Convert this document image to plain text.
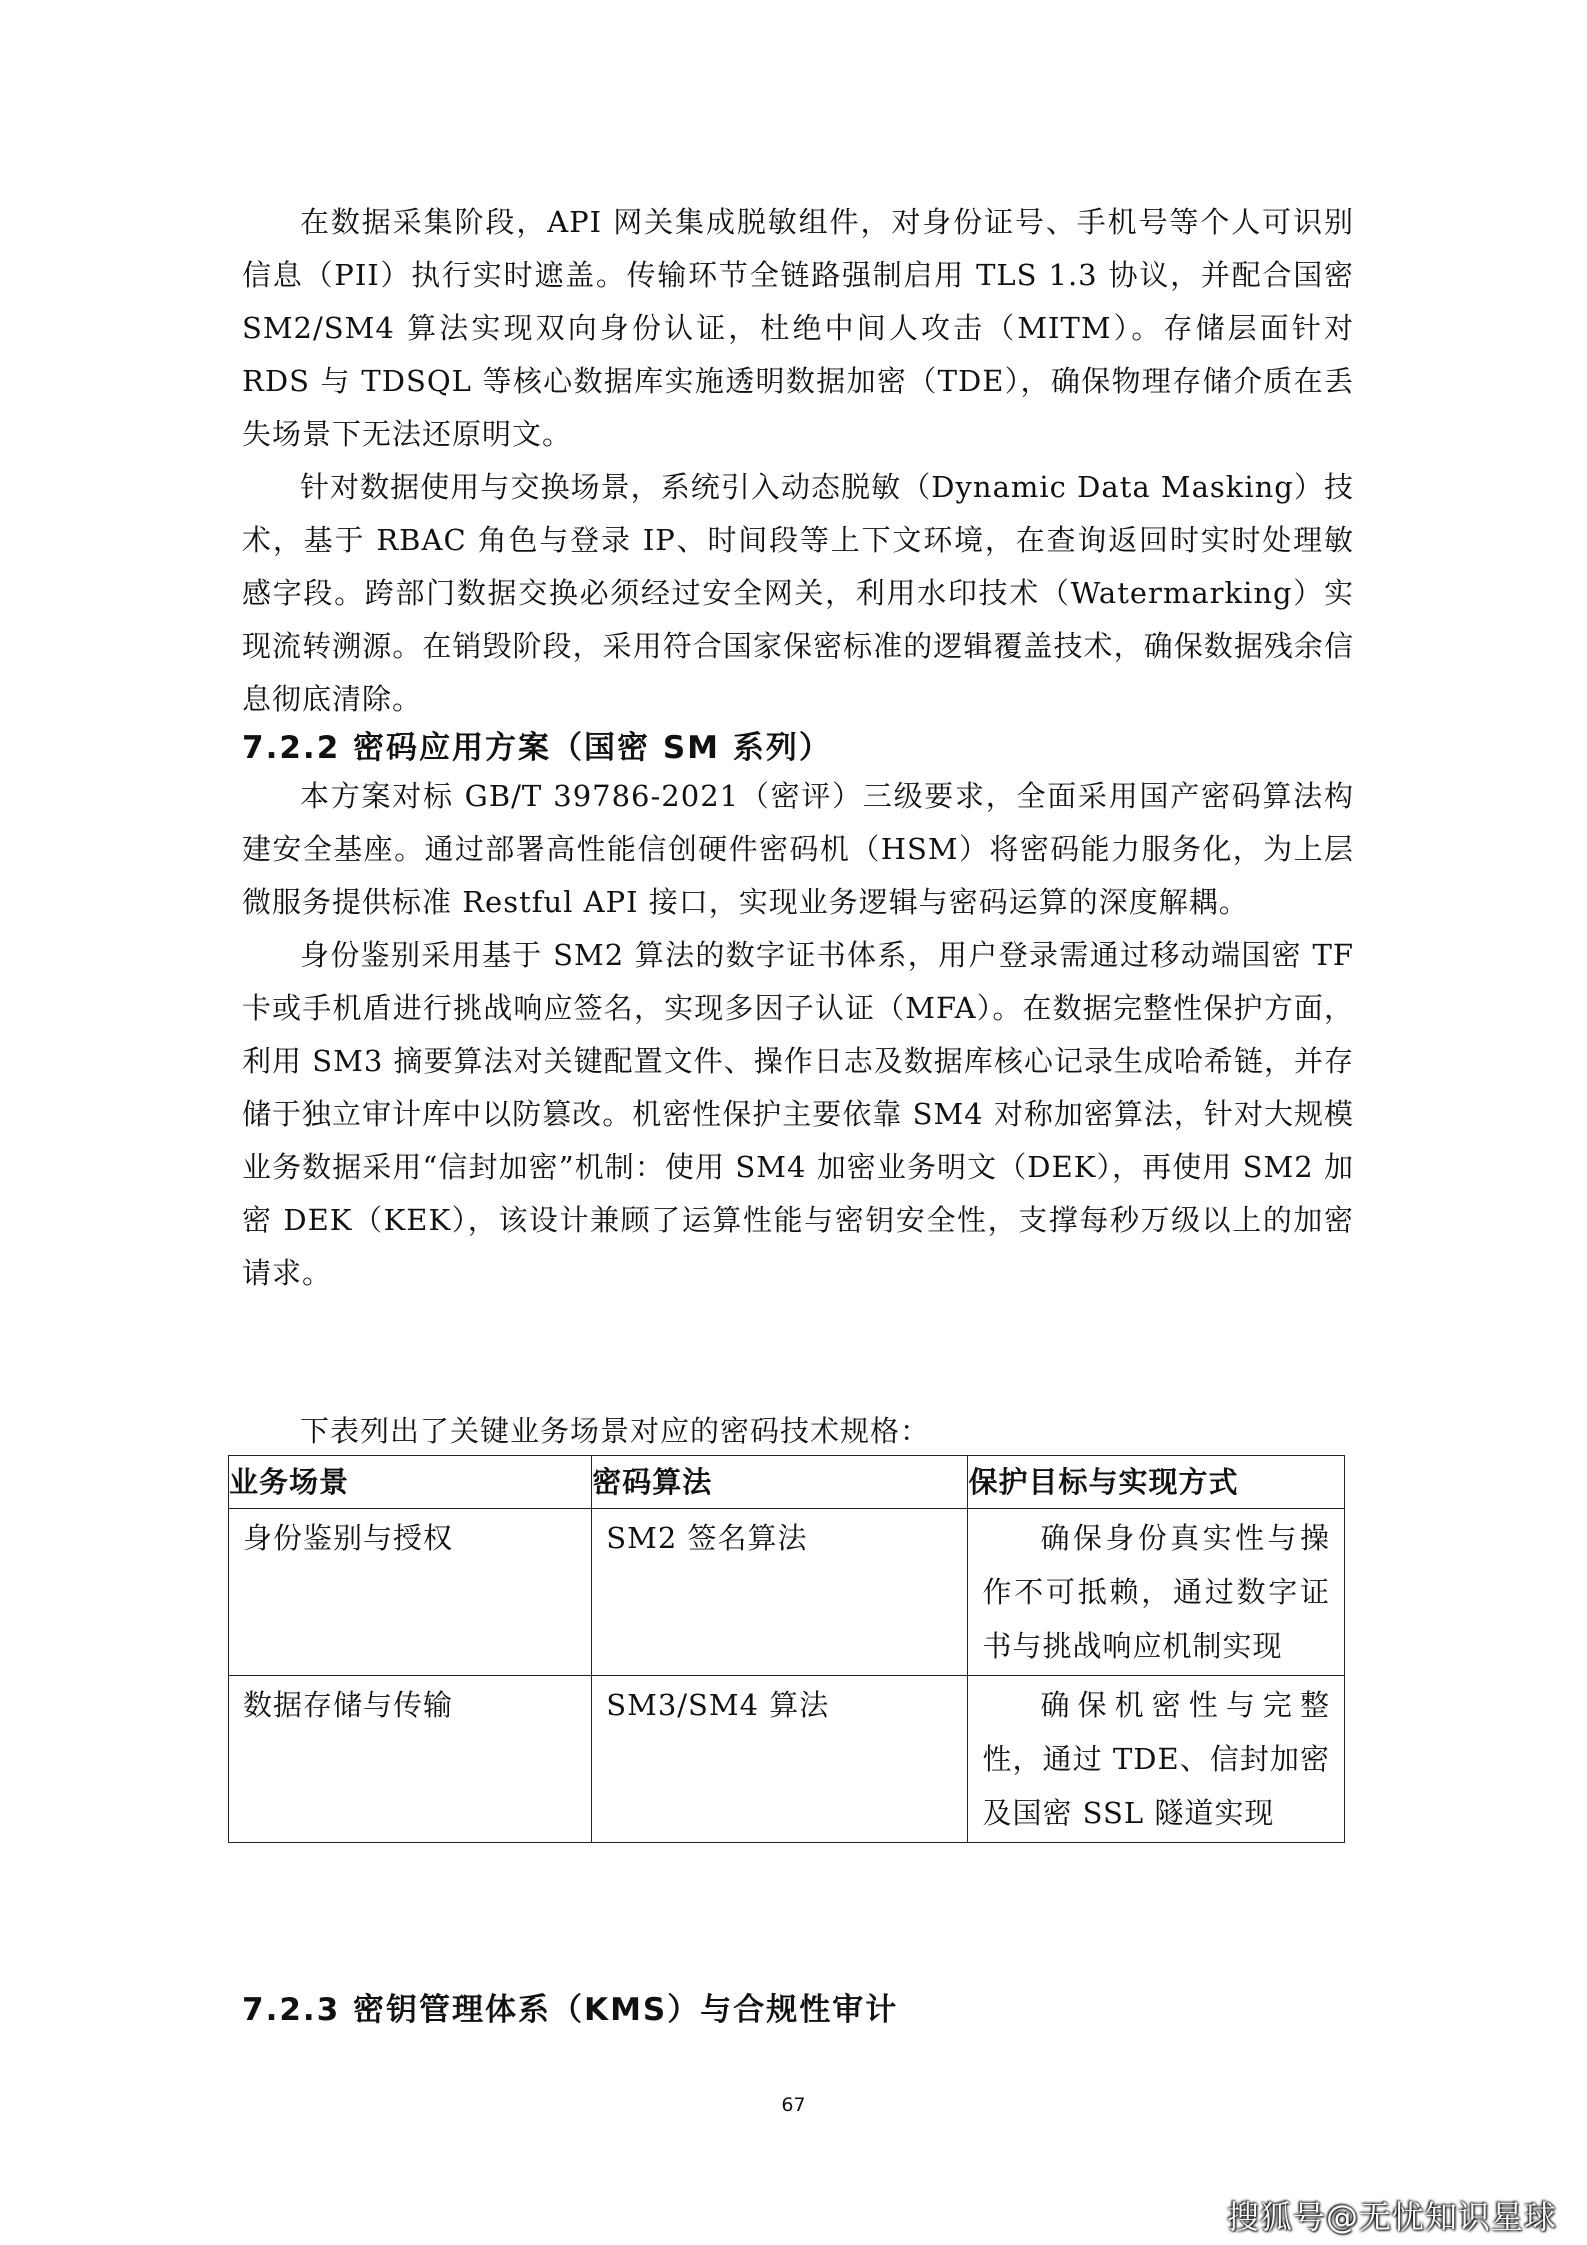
在数据采集阶段，API 网关集成脱敏组件，对身份证号、手机号等个人可识别信息（PII）执行实时遮盖。传输环节全链路强制启用 TLS 1.3 协议，并配合国密 SM2/SM4 算法实现双向身份认证，杜绝中间人攻击（MITM）。存储层面针对 RDS 与 TDSQL 等核心数据库实施透明数据加密（TDE），确保物理存储介质在丢失场景下无法还原明文。

针对数据使用与交换场景，系统引入动态脱敏（Dynamic Data Masking）技术，基于 RBAC 角色与登录 IP、时间段等上下文环境，在查询返回时实时处理敏感字段。跨部门数据交换必须经过安全网关，利用水印技术（Watermarking）实现流转溯源。在销毁阶段，采用符合国家保密标准的逻辑覆盖技术，确保数据残余信息彻底清除。

7.2.2 密码应用方案（国密 SM 系列）

本方案对标 GB/T 39786-2021（密评）三级要求，全面采用国产密码算法构建安全基座。通过部署高性能信创硬件密码机（HSM）将密码能力服务化，为上层微服务提供标准 Restful API 接口，实现业务逻辑与密码运算的深度解耦。

身份鉴别采用基于 SM2 算法的数字证书体系，用户登录需通过移动端国密 TF 卡或手机盾进行挑战响应签名，实现多因子认证（MFA）。在数据完整性保护方面，利用 SM3 摘要算法对关键配置文件、操作日志及数据库核心记录生成哈希链，并存储于独立审计库中以防篡改。机密性保护主要依靠 SM4 对称加密算法，针对大规模业务数据采用“信封加密”机制：使用 SM4 加密业务明文（DEK），再使用 SM2 加密 DEK（KEK），该设计兼顾了运算性能与密钥安全性，支撑每秒万级以上的加密请求。

下表列出了关键业务场景对应的密码技术规格：

业务场景	密码算法	保护目标与实现方式
身份鉴别与授权	SM2 签名算法	确保身份真实性与操作不可抵赖，通过数字证书与挑战响应机制实现
数据存储与传输	SM3/SM4 算法	确保机密性与完整性，通过 TDE、信封加密及国密 SSL 隧道实现
7.2.3 密钥管理体系（KMS）与合规性审计
67
搜狐号@无忧知识星球
